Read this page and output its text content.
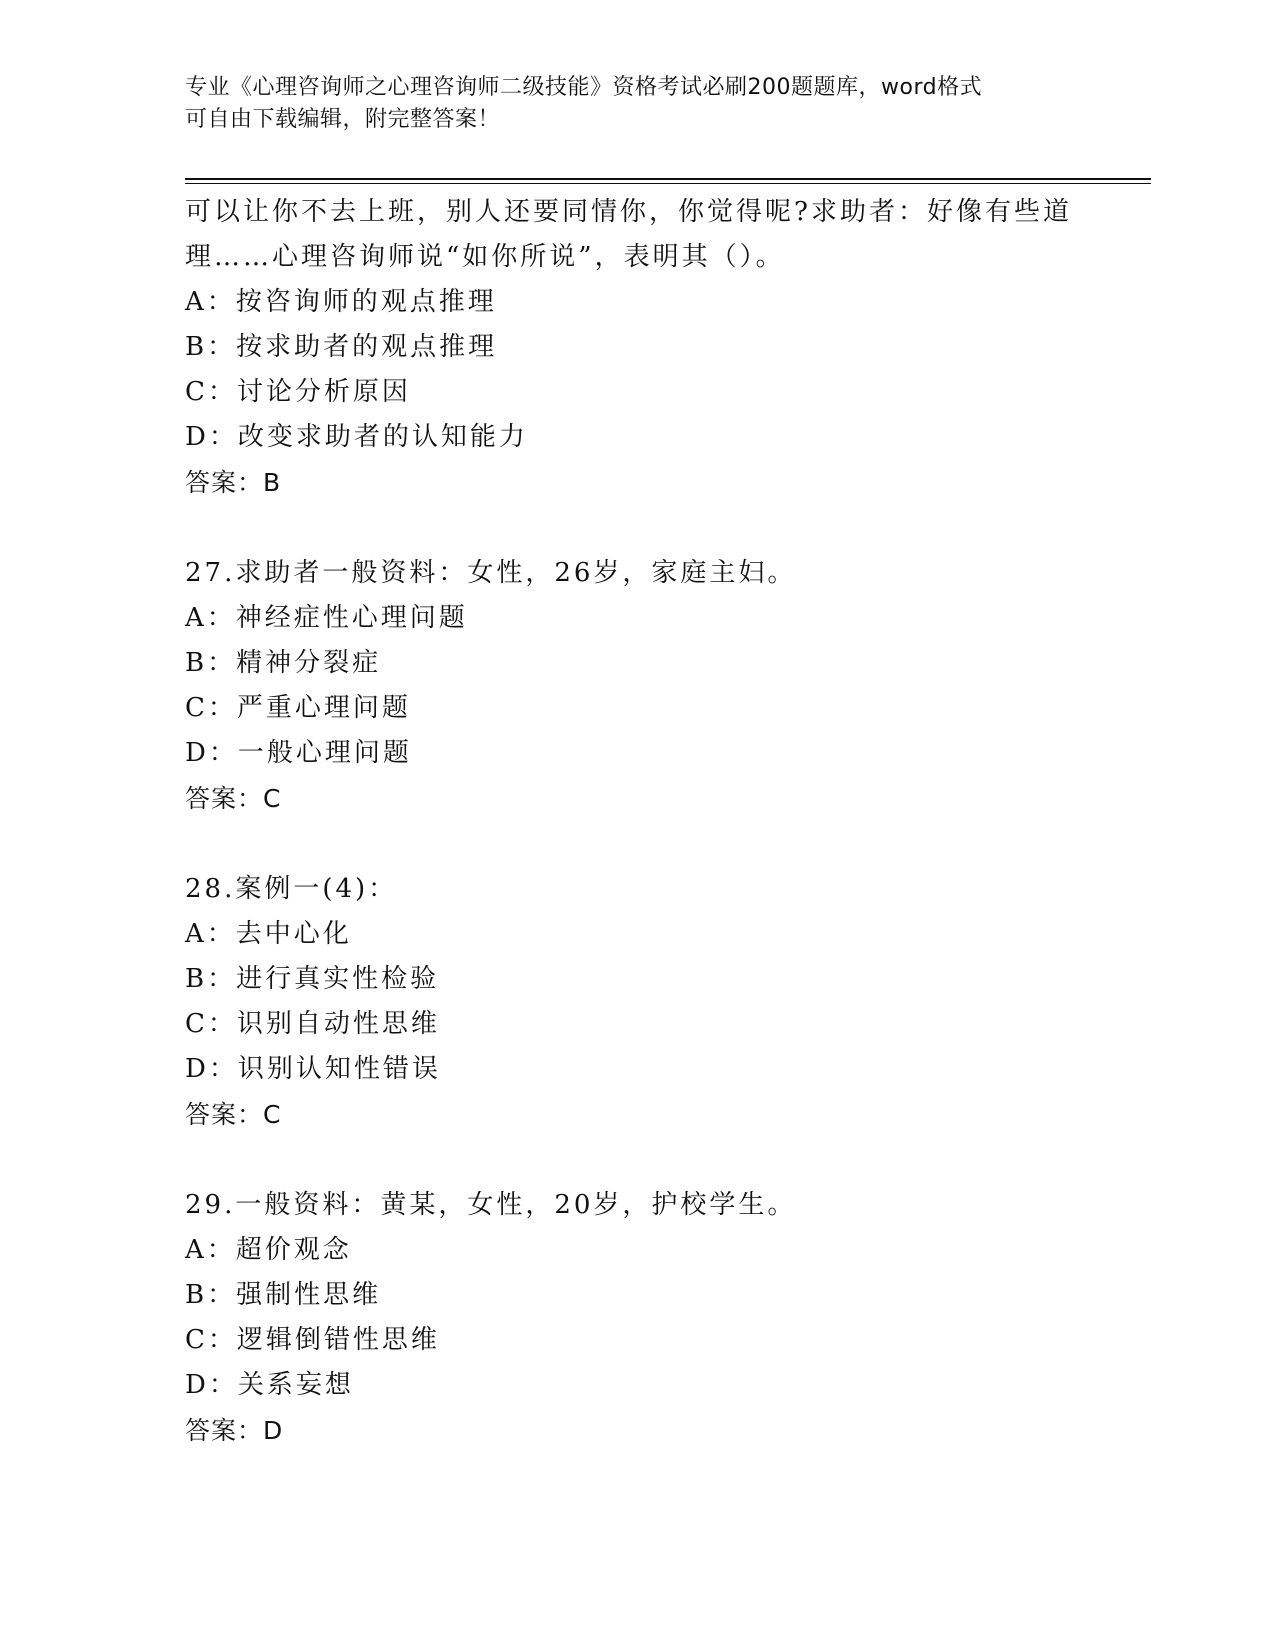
专业《心理咨询师之心理咨询师二级技能》资格考试必刷200题题库，word格式
可自由下载编辑，附完整答案！
可以让你不去上班，别人还要同情你，你觉得呢?求助者：好像有些道
理……心理咨询师说“如你所说”，表明其（）。
A：按咨询师的观点推理
B：按求助者的观点推理
C：讨论分析原因
D：改变求助者的认知能力
答案：B
27.求助者一般资料：女性，26岁，家庭主妇。
A：神经症性心理问题
B：精神分裂症
C：严重心理问题
D：一般心理问题
答案：C
28.案例一(4)：
A：去中心化
B：进行真实性检验
C：识别自动性思维
D：识别认知性错误
答案：C
29.一般资料：黄某，女性，20岁，护校学生。
A：超价观念
B：强制性思维
C：逻辑倒错性思维
D：关系妄想
答案：D
